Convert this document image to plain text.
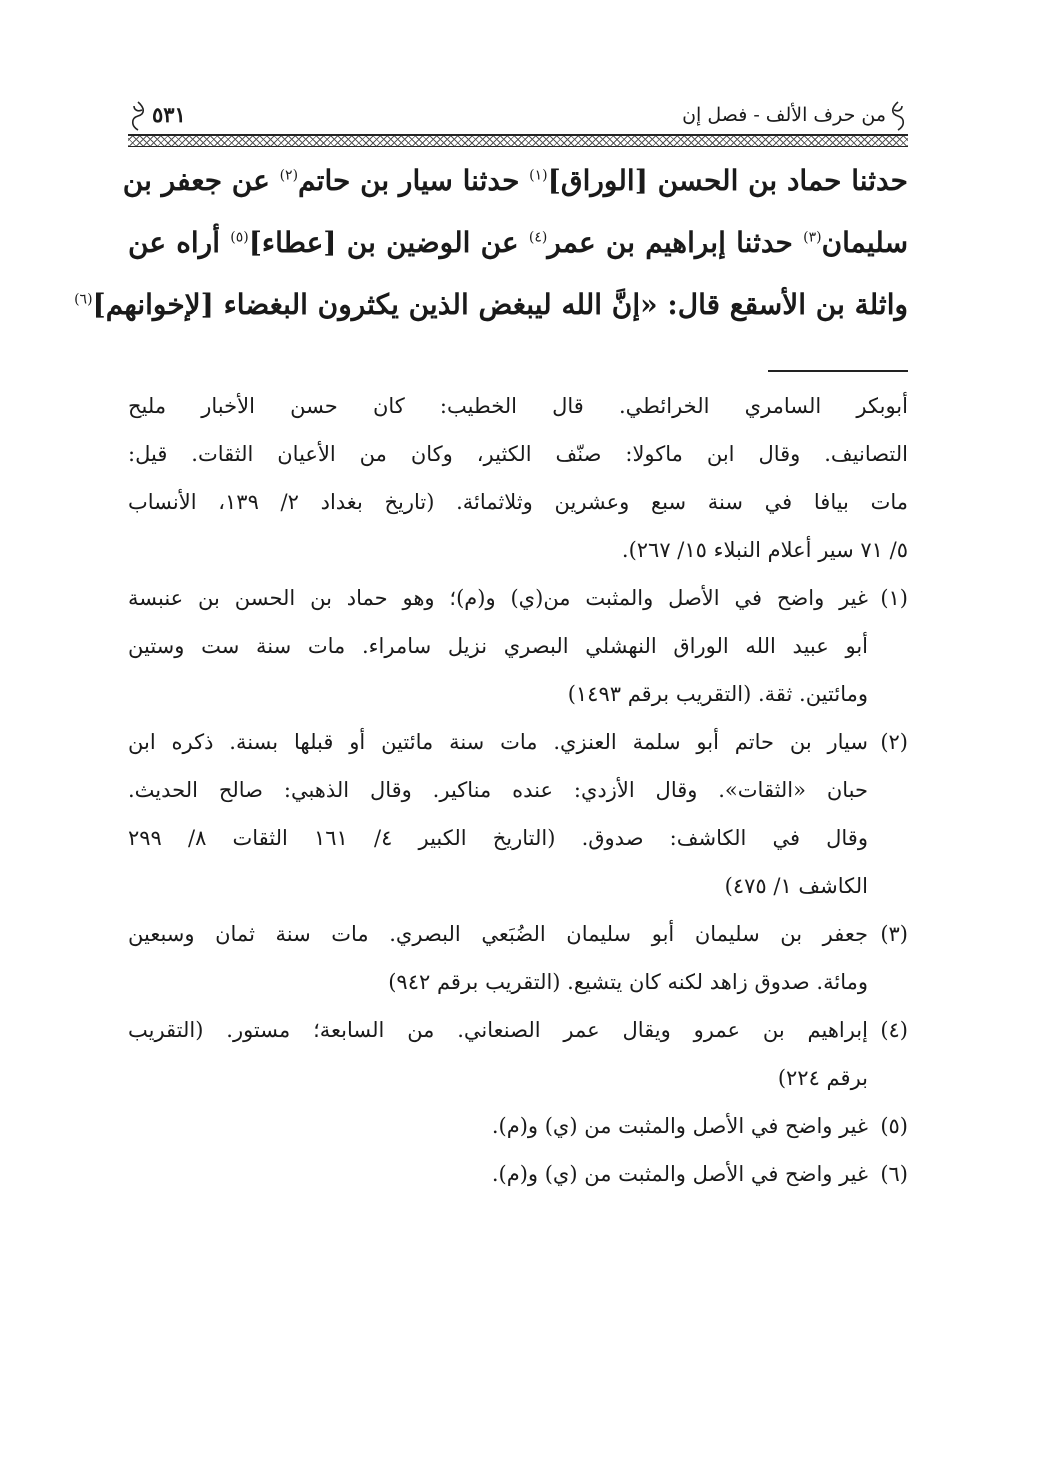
من حرف الألف - فصل إن
٥٣١
حدثنا حماد بن الحسن [الوراق]$^{(١)}$ حدثنا سيار بن حاتم$^{(٢)}$ عن جعفر بن
سليمان$^{(٣)}$ حدثنا إبراهيم بن عمر$^{(٤)}$ عن الوضين بن [عطاء]$^{(٥)}$ أراه عن
واثلة بن الأسقع قال: «إنَّ الله ليبغض الذين يكثرون البغضاء [لإخوانهم]$^{(٦)}$
أبوبكر السامري الخرائطي. قال الخطيب: كان حسن الأخبار مليح
التصانيف. وقال ابن ماكولا: صنّف الكثير، وكان من الأعيان الثقات. قيل:
مات بيافا في سنة سبع وعشرين وثلاثمائة. (تاريخ بغداد ٢/ ١٣٩، الأنساب
٥/ ٧١ سير أعلام النبلاء ١٥/ ٢٦٧).
(١)
غير واضح في الأصل والمثبت من(ي) و(م)؛ وهو حماد بن الحسن بن عنبسة
أبو عبيد الله الوراق النهشلي البصري نزيل سامراء. مات سنة ست وستين
ومائتين. ثقة. (التقريب برقم ١٤٩٣)
(٢)
سيار بن حاتم أبو سلمة العنزي. مات سنة مائتين أو قبلها بسنة. ذكره ابن
حبان «الثقات». وقال الأزدي: عنده مناكير. وقال الذهبي: صالح الحديث.
وقال في الكاشف: صدوق. (التاريخ الكبير ٤/ ١٦١ الثقات ٨/ ٢٩٩
الكاشف ١/ ٤٧٥)
(٣)
جعفر بن سليمان أبو سليمان الضُبَعي البصري. مات سنة ثمان وسبعين
ومائة. صدوق زاهد لكنه كان يتشيع. (التقريب برقم ٩٤٢)
(٤)
إبراهيم بن عمرو ويقال عمر الصنعاني. من السابعة؛ مستور. (التقريب
برقم ٢٢٤)
(٥)
غير واضح في الأصل والمثبت من (ي) و(م).
(٦)
غير واضح في الأصل والمثبت من (ي) و(م).
